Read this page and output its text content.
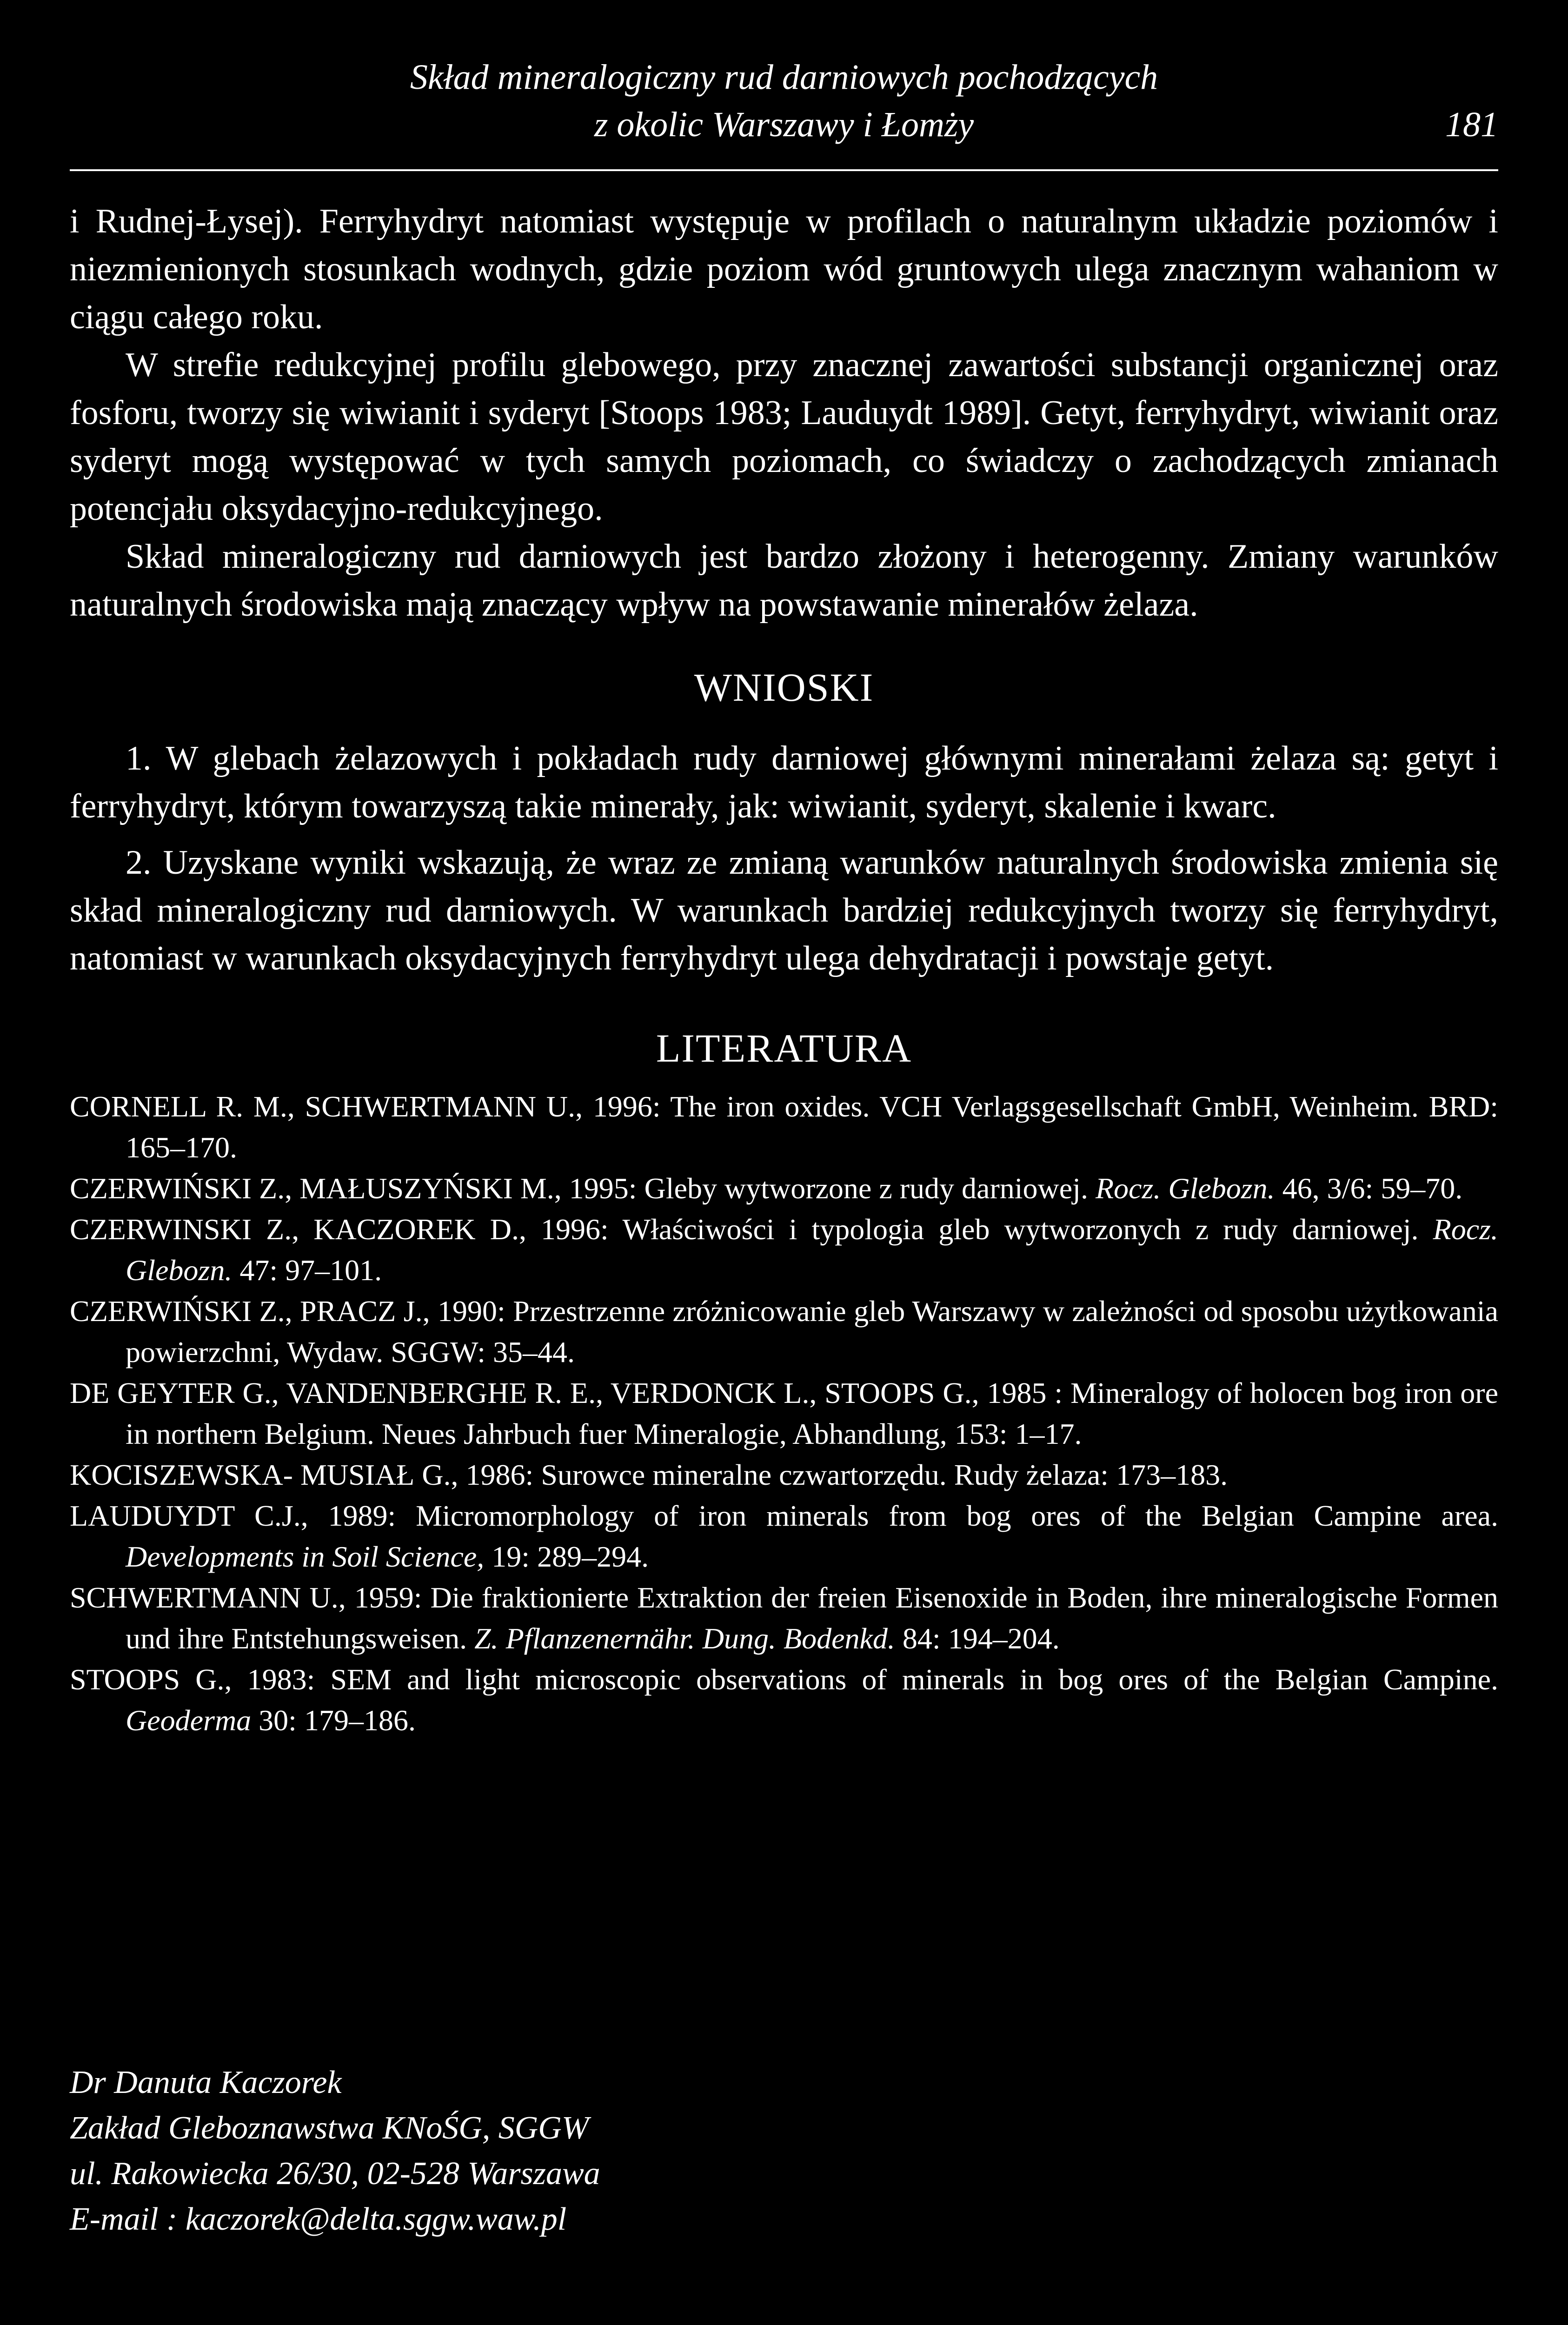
Skład mineralogiczny rud darniowych pochodzących
z okolic Warszawy i Łomży	181

i Rudnej-Łysej). Ferryhydryt natomiast występuje w profilach o naturalnym układzie poziomów i niezmienionych stosunkach wodnych, gdzie poziom wód gruntowych ulega znacznym wahaniom w ciągu całego roku.

W strefie redukcyjnej profilu glebowego, przy znacznej zawartości substancji organicznej oraz fosforu, tworzy się wiwianit i syderyt [Stoops 1983; Lauduydt 1989]. Getyt, ferryhydryt, wiwianit oraz syderyt mogą występować w tych samych poziomach, co świadczy o zachodzących zmianach potencjału oksydacyjno-redukcyjnego.

Skład mineralogiczny rud darniowych jest bardzo złożony i heterogenny. Zmiany warunków naturalnych środowiska mają znaczący wpływ na powstawanie minerałów żelaza.

WNIOSKI

1. W glebach żelazowych i pokładach rudy darniowej głównymi minerałami żelaza są: getyt i ferryhydryt, którym towarzyszą takie minerały, jak: wiwianit, syderyt, skalenie i kwarc.

2. Uzyskane wyniki wskazują, że wraz ze zmianą warunków naturalnych środowiska zmienia się skład mineralogiczny rud darniowych. W warunkach bardziej redukcyjnych tworzy się ferryhydryt, natomiast w warunkach oksydacyjnych ferryhydryt ulega dehydratacji i powstaje getyt.

LITERATURA

CORNELL R. M., SCHWERTMANN U., 1996: The iron oxides. VCH Verlagsgesellschaft GmbH, Weinheim. BRD: 165–170.

CZERWIŃSKI Z., MAŁUSZYŃSKI M., 1995: Gleby wytworzone z rudy darniowej. Rocz. Glebozn. 46, 3/6: 59–70.

CZERWINSKI Z., KACZOREK D., 1996: Właściwości i typologia gleb wytworzonych z rudy darniowej. Rocz. Glebozn. 47: 97–101.

CZERWIŃSKI Z., PRACZ J., 1990: Przestrzenne zróżnicowanie gleb Warszawy w zależności od sposobu użytkowania powierzchni, Wydaw. SGGW: 35–44.

DE GEYTER G., VANDENBERGHE R. E., VERDONCK L., STOOPS G., 1985 : Mineralogy of holocen bog iron ore in northern Belgium. Neues Jahrbuch fuer Mineralogie, Abhandlung, 153: 1–17.

KOCISZEWSKA- MUSIAŁ G., 1986: Surowce mineralne czwartorzędu. Rudy żelaza: 173–183.

LAUDUYDT C.J., 1989: Micromorphology of iron minerals from bog ores of the Belgian Campine area. Developments in Soil Science, 19: 289–294.

SCHWERTMANN U., 1959: Die fraktionierte Extraktion der freien Eisenoxide in Boden, ihre mineralogische Formen und ihre Entstehungsweisen. Z. Pflanzenernähr. Dung. Bodenkd. 84: 194–204.

STOOPS G., 1983: SEM and light microscopic observations of minerals in bog ores of the Belgian Campine. Geoderma 30: 179–186.

Dr Danuta Kaczorek
Zakład Gleboznawstwa KNoŚG, SGGW
ul. Rakowiecka 26/30, 02-528 Warszawa
E-mail : kaczorek@delta.sggw.waw.pl
